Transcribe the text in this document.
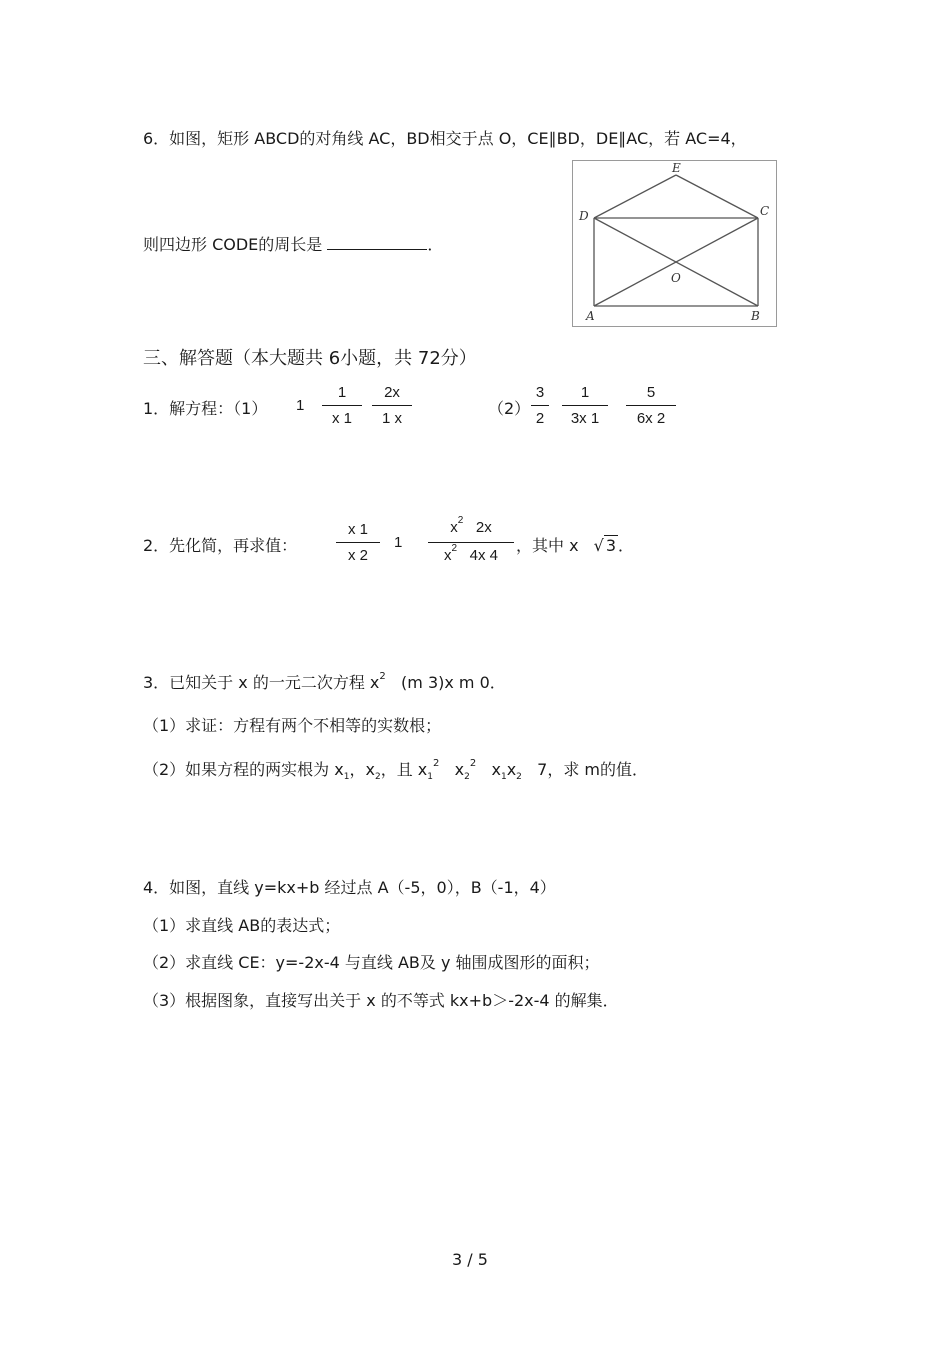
6．如图，矩形 ABCD的对角线 AC，BD相交于点 O，CE∥BD，DE∥AC，若 AC=4，
则四边形 CODE的周长是	．
E
D	C
O
A	B
三、解答题（本大题共 6小题，共 72分）
1．解方程：（1） 1
1
x 1
2x
1 x
（2）
3
2
1
3x 1
5
6x 2
2．先化简，再求值：
x 1
x 2
1
$x^2$ 2x
$x^2$ 4x 4
，其中 x √ 3 ．
3．已知关于 x 的一元二次方程 $x^2$ (m 3)x m 0．
（1）求证：方程有两个不相等的实数根；
（2）如果方程的两实根为 $x_1$，$x_2$，且 $x_1^2$ $x_2^2$ $x_1x_2$ 7，求 m的值．
4．如图，直线 y=kx+b 经过点 A（-5，0），B（-1，4）
（1）求直线 AB的表达式；
（2）求直线 CE：y=-2x-4 与直线 AB及 y 轴围成图形的面积；
（3）根据图象，直接写出关于 x 的不等式 kx+b＞-2x-4 的解集．
3 / 5
